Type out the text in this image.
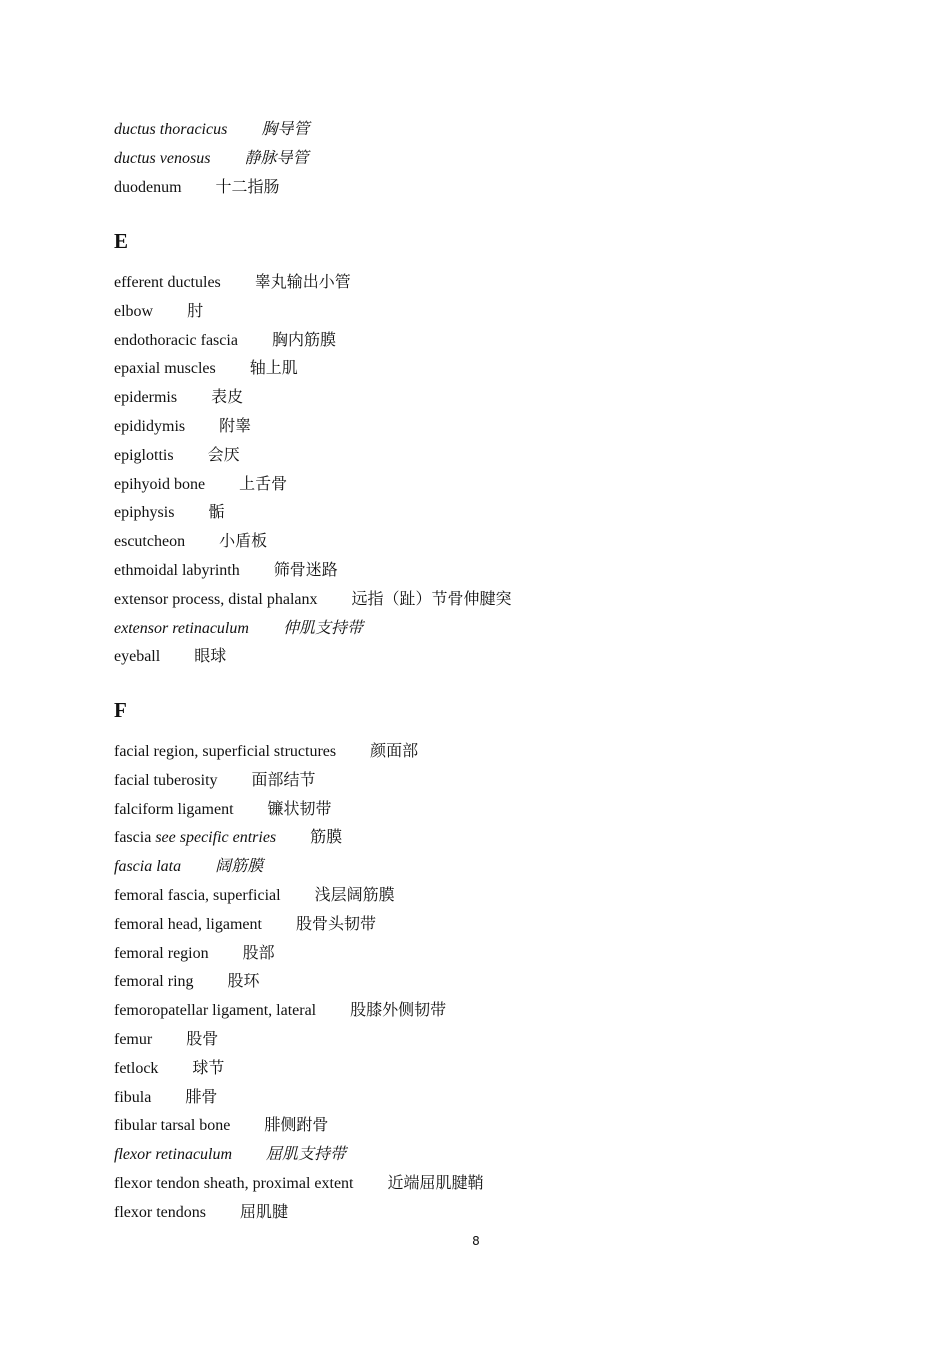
ductus thoracicus 胸导管
ductus venosus 静脉导管
duodenum 十二指肠
E
efferent ductules 睾丸输出小管
elbow 肘
endothoracic fascia 胸内筋膜
epaxial muscles 轴上肌
epidermis 表皮
epididymis 附睾
epiglottis 会厌
epihyoid bone 上舌骨
epiphysis 骺
escutcheon 小盾板
ethmoidal labyrinth 筛骨迷路
extensor process, distal phalanx 远指（趾）节骨伸腱突
extensor retinaculum 伸肌支持带
eyeball 眼球
F
facial region, superficial structures 颜面部
facial tuberosity 面部结节
falciform ligament 镰状韧带
fascia see specific entries 筋膜
fascia lata 阔筋膜
femoral fascia, superficial 浅层阔筋膜
femoral head, ligament 股骨头韧带
femoral region 股部
femoral ring 股环
femoropatellar ligament, lateral 股膝外侧韧带
femur 股骨
fetlock 球节
fibula 腓骨
fibular tarsal bone 腓侧跗骨
flexor retinaculum 屈肌支持带
flexor tendon sheath, proximal extent 近端屈肌腱鞘
flexor tendons 屈肌腱
8
